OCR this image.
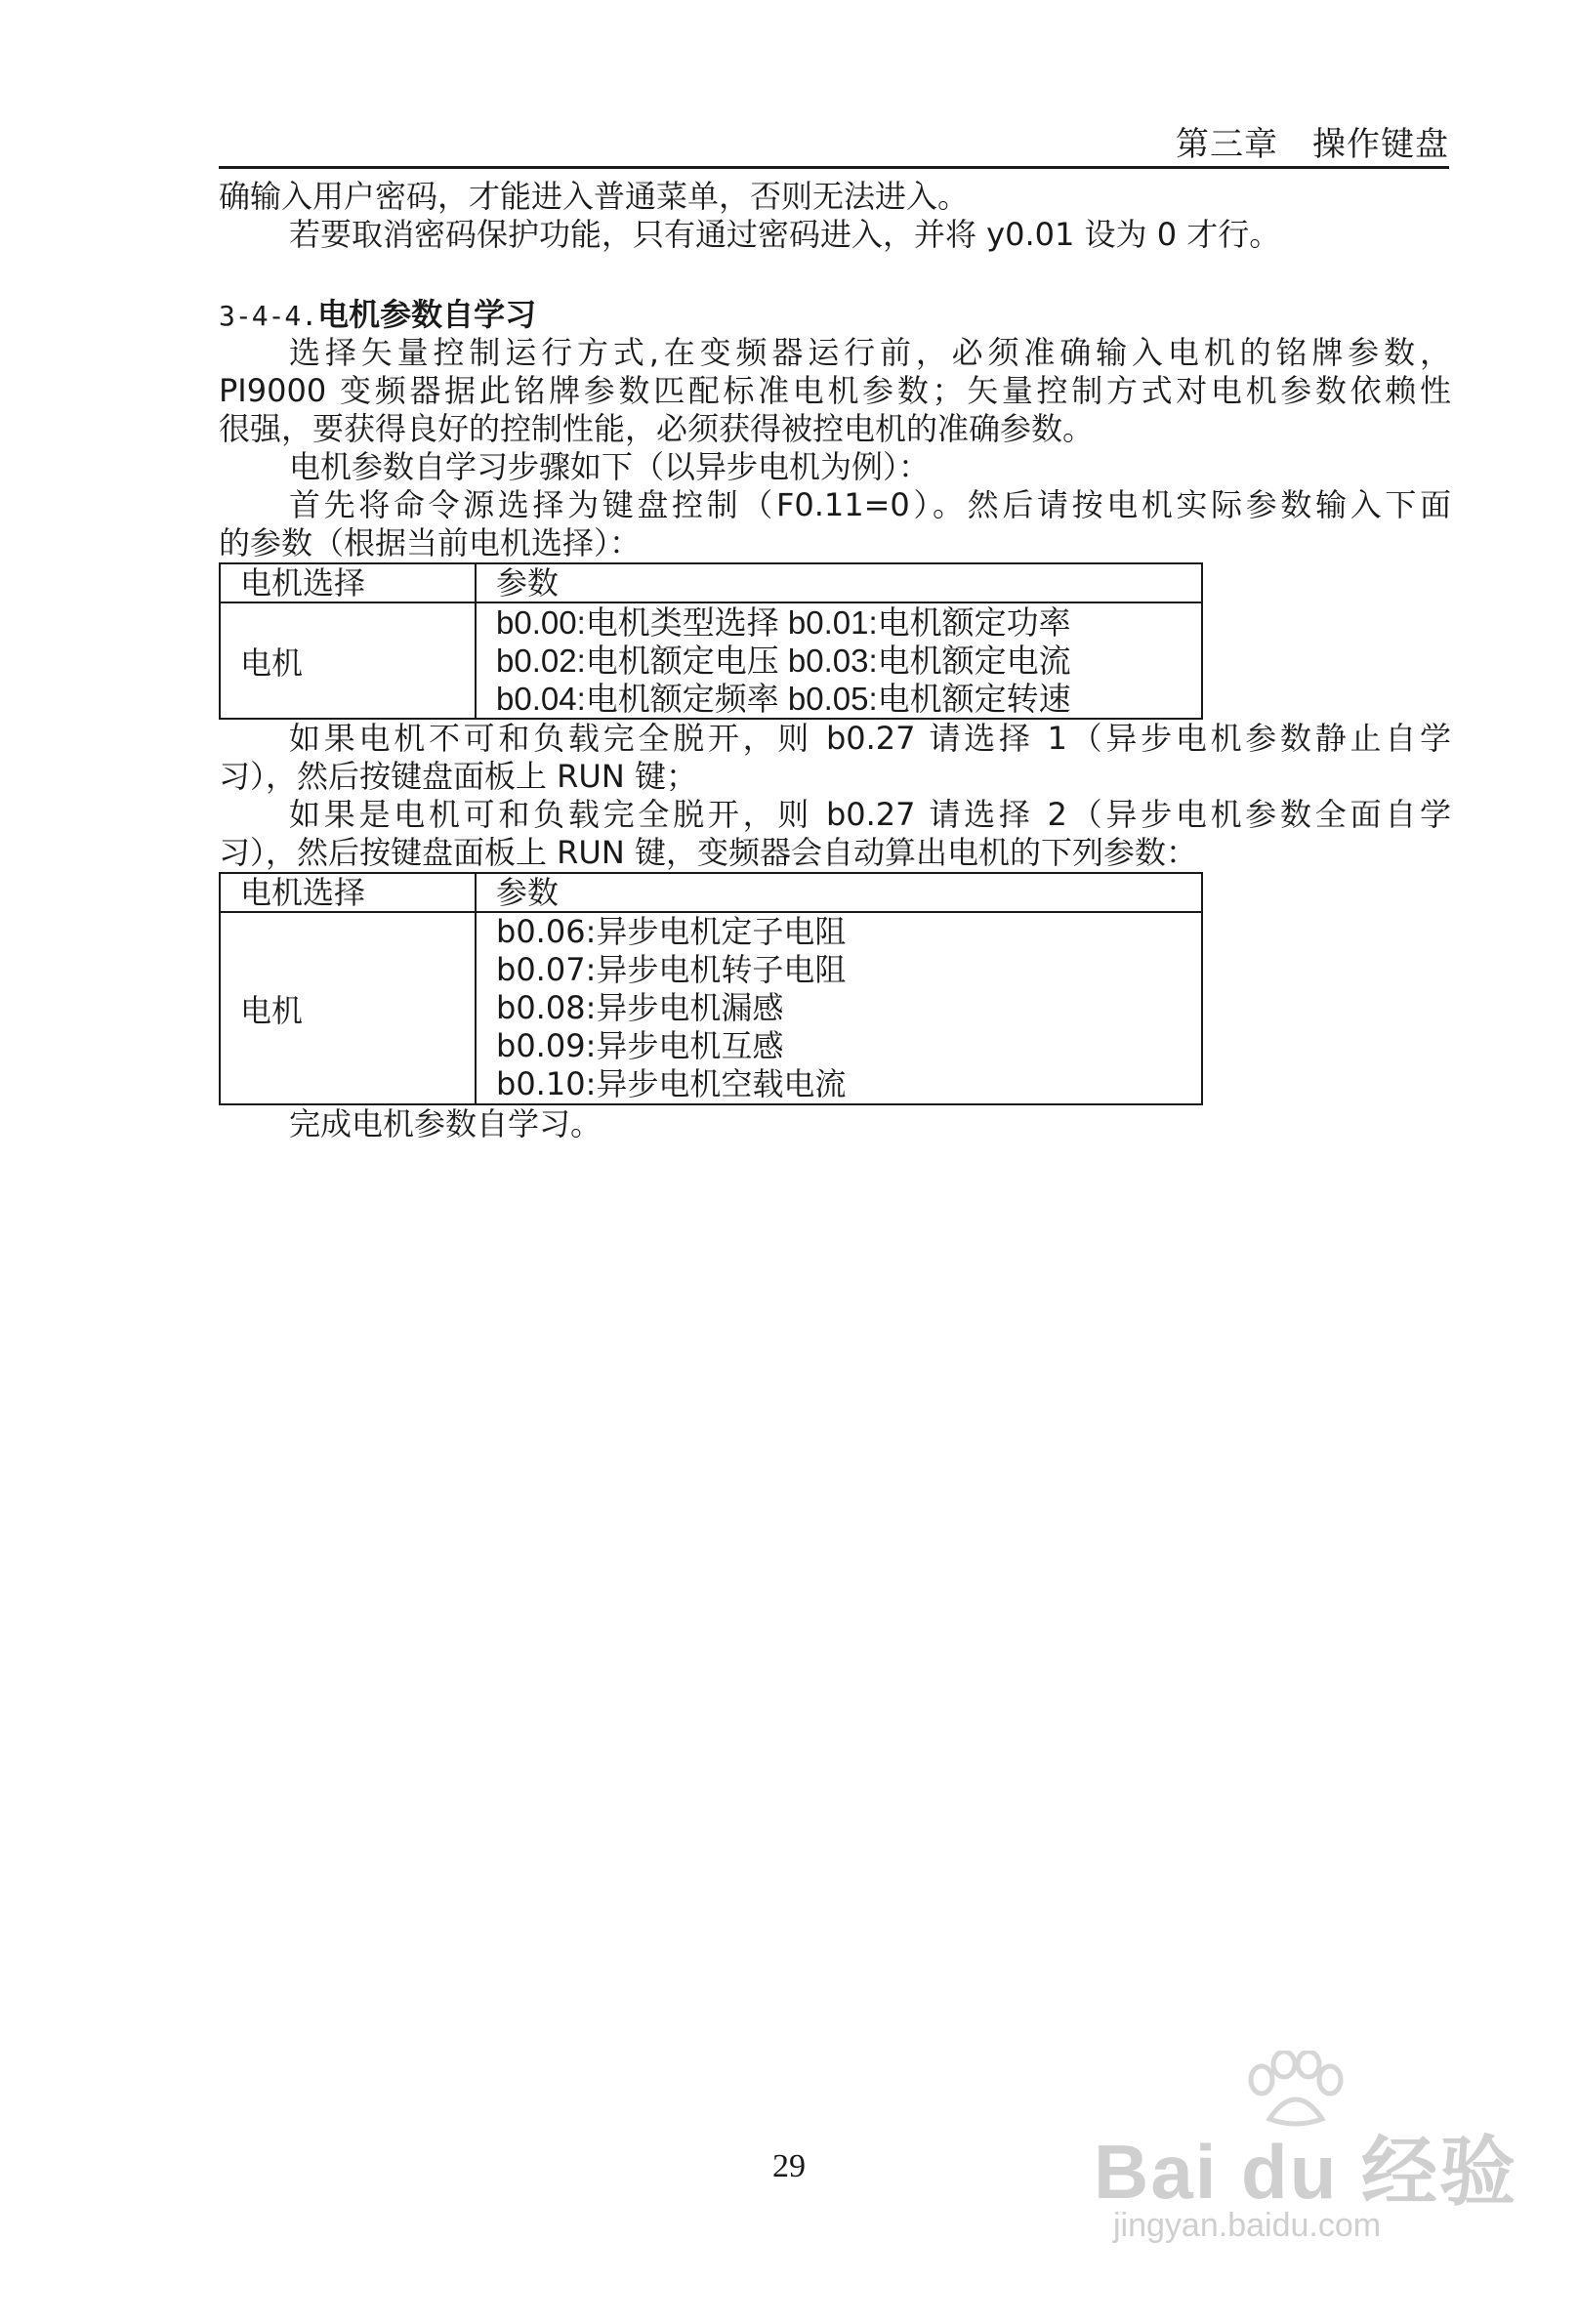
第三章　操作键盘
确输入用户密码，才能进入普通菜单，否则无法进入。
若要取消密码保护功能，只有通过密码进入，并将 y0.01 设为 0 才行。
3-4-4.电机参数自学习
选择矢量控制运行方式,在变频器运行前，必须准确输入电机的铭牌参数，
PI9000 变频器据此铭牌参数匹配标准电机参数；矢量控制方式对电机参数依赖性
很强，要获得良好的控制性能，必须获得被控电机的准确参数。
电机参数自学习步骤如下（以异步电机为例）：
首先将命令源选择为键盘控制（F0.11=0）。然后请按电机实际参数输入下面
的参数（根据当前电机选择）：
电机选择	参数
电机	b0.00:电机类型选择 b0.01:电机额定功率
b0.02:电机额定电压 b0.03:电机额定电流
b0.04:电机额定频率 b0.05:电机额定转速
如果电机不可和负载完全脱开，则 b0.27 请选择 1（异步电机参数静止自学
习），然后按键盘面板上 RUN 键；
如果是电机可和负载完全脱开，则 b0.27 请选择 2（异步电机参数全面自学
习），然后按键盘面板上 RUN 键，变频器会自动算出电机的下列参数：
电机选择	参数
电机	b0.06:异步电机定子电阻
b0.07:异步电机转子电阻
b0.08:异步电机漏感
b0.09:异步电机互感
b0.10:异步电机空载电流
完成电机参数自学习。
29	Bai du 经验
jingyan.baidu.com
